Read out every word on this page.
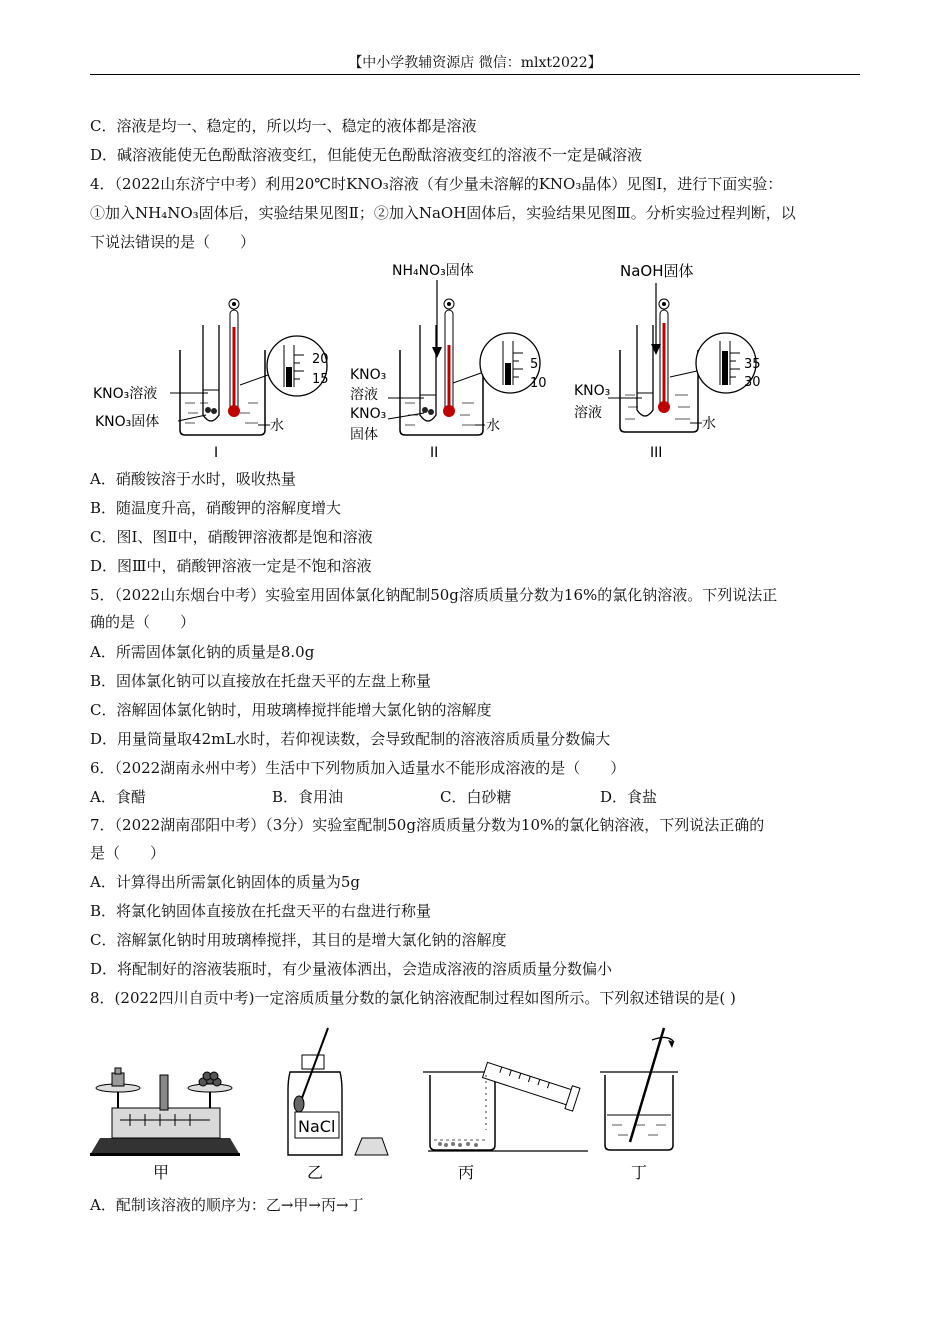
【中小学教辅资源店 微信：mlxt2022】
C．溶液是均一、稳定的，所以均一、稳定的液体都是溶液
D．碱溶液能使无色酚酞溶液变红，但能使无色酚酞溶液变红的溶液不一定是碱溶液
4．（2022山东济宁中考）利用20℃时KNO₃溶液（有少量未溶解的KNO₃晶体）见图Ⅰ，进行下面实验：
①加入NH₄NO₃固体后，实验结果见图Ⅱ；②加入NaOH固体后，实验结果见图Ⅲ。分析实验过程判断，以
下说法错误的是（　　）
20
15
KNO₃溶液
KNO₃固体	水
I
NH₄NO₃固体
5
10
KNO₃
溶液
KNO₃
固体
水
II
NaOH固体
35
30
KNO₃
溶液
水
III
A．硝酸铵溶于水时，吸收热量
B．随温度升高，硝酸钾的溶解度增大
C．图Ⅰ、图Ⅱ中，硝酸钾溶液都是饱和溶液
D．图Ⅲ中，硝酸钾溶液一定是不饱和溶液
5．（2022山东烟台中考）实验室用固体氯化钠配制50g溶质质量分数为16%的氯化钠溶液。下列说法正
确的是（　　）
A．所需固体氯化钠的质量是8.0g
B．固体氯化钠可以直接放在托盘天平的左盘上称量
C．溶解固体氯化钠时，用玻璃棒搅拌能增大氯化钠的溶解度
D．用量筒量取42mL水时，若仰视读数，会导致配制的溶液溶质质量分数偏大
6．（2022湖南永州中考）生活中下列物质加入适量水不能形成溶液的是（　　）
A．食醋	B．食用油	C．白砂糖	D．食盐
7．（2022湖南邵阳中考）（3分）实验室配制50g溶质质量分数为10%的氯化钠溶液，下列说法正确的
是（　　）
A．计算得出所需氯化钠固体的质量为5g
B．将氯化钠固体直接放在托盘天平的右盘进行称量
C．溶解氯化钠时用玻璃棒搅拌，其目的是增大氯化钠的溶解度
D．将配制好的溶液装瓶时，有少量液体洒出，会造成溶液的溶质质量分数偏小
8．(2022四川自贡中考)一定溶质质量分数的氯化钠溶液配制过程如图所示。下列叙述错误的是( )
甲
NaCl
乙	丙	丁
A．配制该溶液的顺序为：乙→甲→丙→丁
